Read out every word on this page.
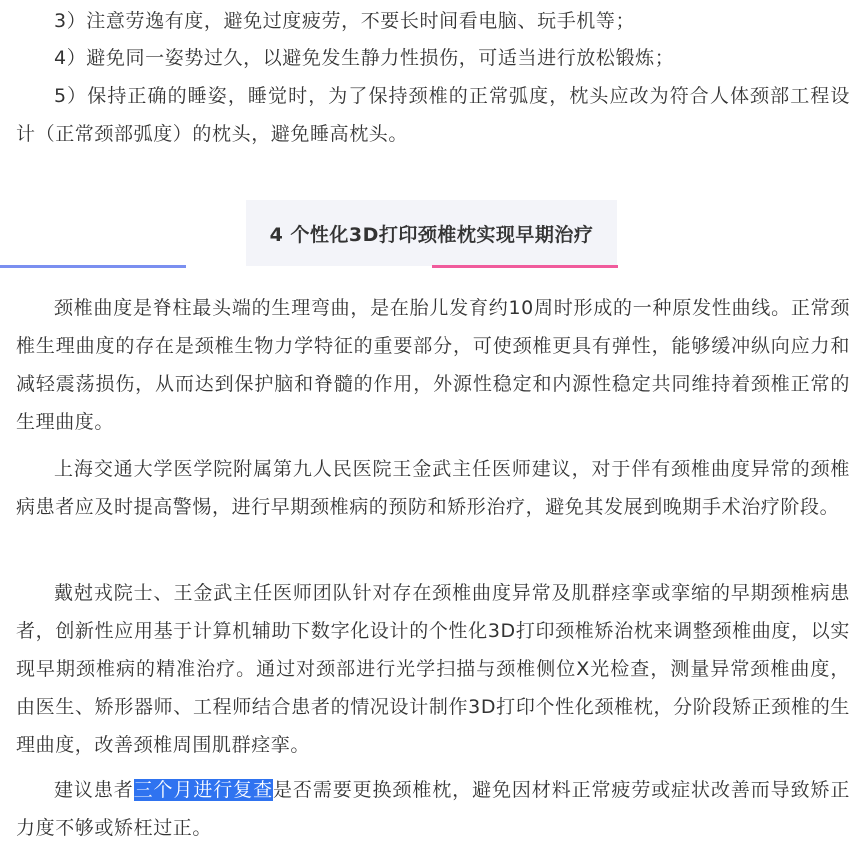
3）注意劳逸有度，避免过度疲劳，不要长时间看电脑、玩手机等；

4）避免同一姿势过久，以避免发生静力性损伤，可适当进行放松锻炼；

5）保持正确的睡姿，睡觉时，为了保持颈椎的正常弧度，枕头应改为符合人体颈部工程设计（正常颈部弧度）的枕头，避免睡高枕头。

4 个性化3D打印颈椎枕实现早期治疗

颈椎曲度是脊柱最头端的生理弯曲，是在胎儿发育约10周时形成的一种原发性曲线。正常颈椎生理曲度的存在是颈椎生物力学特征的重要部分，可使颈椎更具有弹性，能够缓冲纵向应力和减轻震荡损伤，从而达到保护脑和脊髓的作用，外源性稳定和内源性稳定共同维持着颈椎正常的生理曲度。

上海交通大学医学院附属第九人民医院王金武主任医师建议，对于伴有颈椎曲度异常的颈椎病患者应及时提高警惕，进行早期颈椎病的预防和矫形治疗，避免其发展到晚期手术治疗阶段。

戴尅戎院士、王金武主任医师团队针对存在颈椎曲度异常及肌群痉挛或挛缩的早期颈椎病患者，创新性应用基于计算机辅助下数字化设计的个性化3D打印颈椎矫治枕来调整颈椎曲度，以实现早期颈椎病的精准治疗。通过对颈部进行光学扫描与颈椎侧位X光检查，测量异常颈椎曲度，由医生、矫形器师、工程师结合患者的情况设计制作3D打印个性化颈椎枕，分阶段矫正颈椎的生理曲度，改善颈椎周围肌群痉挛。

建议患者三个月进行复查是否需要更换颈椎枕，避免因材料正常疲劳或症状改善而导致矫正力度不够或矫枉过正。
